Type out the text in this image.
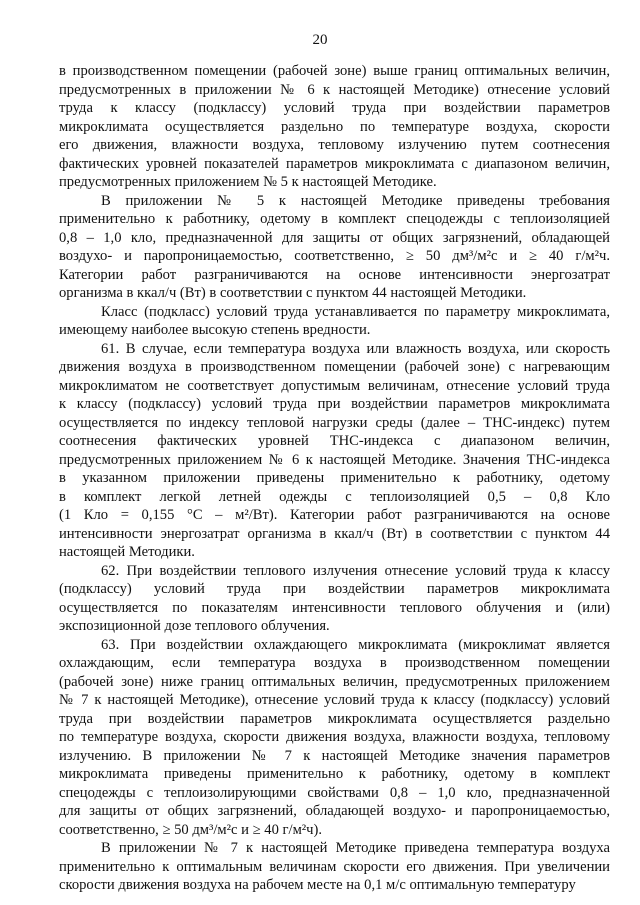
20
в производственном помещении (рабочей зоне) выше границ оптимальных величин,
предусмотренных в приложении № 6 к настоящей Методике) отнесение условий
труда к классу (подклассу) условий труда при воздействии параметров
микроклимата осуществляется раздельно по температуре воздуха, скорости
его движения, влажности воздуха, тепловому излучению путем соотнесения
фактических уровней показателей параметров микроклимата с диапазоном величин,
предусмотренных приложением № 5 к настоящей Методике.
В приложении № 5 к настоящей Методике приведены требования
применительно к работнику, одетому в комплект спецодежды с теплоизоляцией
0,8 – 1,0 кло, предназначенной для защиты от общих загрязнений, обладающей
воздухо- и паропроницаемостью, соответственно, ≥ 50 дм³/м²с и ≥ 40 г/м²ч.
Категории работ разграничиваются на основе интенсивности энергозатрат
организма в ккал/ч (Вт) в соответствии с пунктом 44 настоящей Методики.
Класс (подкласс) условий труда устанавливается по параметру микроклимата,
имеющему наиболее высокую степень вредности.
61. В случае, если температура воздуха или влажность воздуха, или скорость
движения воздуха в производственном помещении (рабочей зоне) с нагревающим
микроклиматом не соответствует допустимым величинам, отнесение условий труда
к классу (подклассу) условий труда при воздействии параметров микроклимата
осуществляется по индексу тепловой нагрузки среды (далее – ТНС-индекс) путем
соотнесения фактических уровней ТНС-индекса с диапазоном величин,
предусмотренных приложением № 6 к настоящей Методике. Значения ТНС-индекса
в указанном приложении приведены применительно к работнику, одетому
в комплект легкой летней одежды с теплоизоляцией 0,5 – 0,8 Кло
(1 Кло = 0,155 °С – м²/Вт). Категории работ разграничиваются на основе
интенсивности энергозатрат организма в ккал/ч (Вт) в соответствии с пунктом 44
настоящей Методики.
62. При воздействии теплового излучения отнесение условий труда к классу
(подклассу) условий труда при воздействии параметров микроклимата
осуществляется по показателям интенсивности теплового облучения и (или)
экспозиционной дозе теплового облучения.
63. При воздействии охлаждающего микроклимата (микроклимат является
охлаждающим, если температура воздуха в производственном помещении
(рабочей зоне) ниже границ оптимальных величин, предусмотренных приложением
№ 7 к настоящей Методике), отнесение условий труда к классу (подклассу) условий
труда при воздействии параметров микроклимата осуществляется раздельно
по температуре воздуха, скорости движения воздуха, влажности воздуха, тепловому
излучению. В приложении № 7 к настоящей Методике значения параметров
микроклимата приведены применительно к работнику, одетому в комплект
спецодежды с теплоизолирующими свойствами 0,8 – 1,0 кло, предназначенной
для защиты от общих загрязнений, обладающей воздухо- и паропроницаемостью,
соответственно, ≥ 50 дм³/м²с и ≥ 40 г/м²ч).
В приложении № 7 к настоящей Методике приведена температура воздуха
применительно к оптимальным величинам скорости его движения. При увеличении
скорости движения воздуха на рабочем месте на 0,1 м/с оптимальную температуру
